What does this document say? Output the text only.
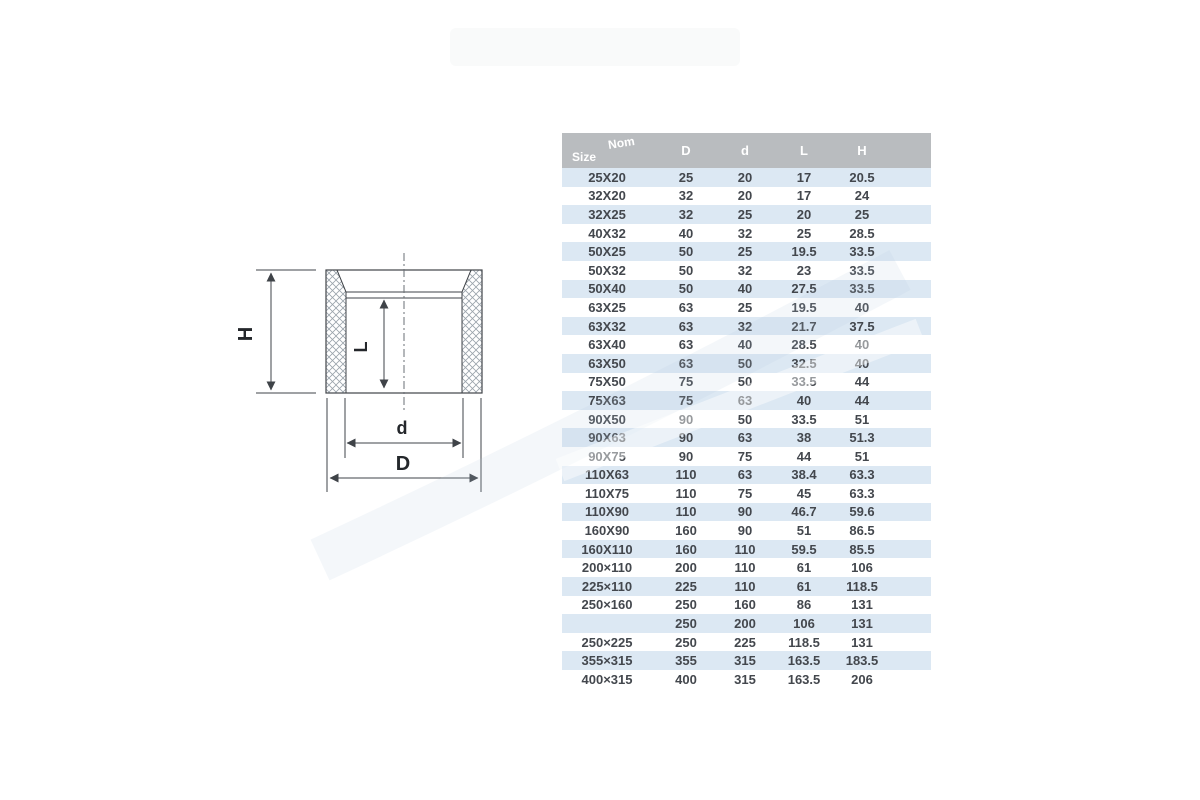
H
L
d
D
Nom
Size	D	d	L	H	
25X20	25	20	17	20.5	
32X20	32	20	17	24	
32X25	32	25	20	25	
40X32	40	32	25	28.5	
50X25	50	25	19.5	33.5	
50X32	50	32	23	33.5	
50X40	50	40	27.5	33.5	
63X25	63	25	19.5	40	
63X32	63	32	21.7	37.5	
63X40	63	40	28.5	40	
63X50	63	50	32.5	40	
75X50	75	50	33.5	44	
75X63	75	63	40	44	
90X50	90	50	33.5	51	
90X63	90	63	38	51.3	
90X75	90	75	44	51	
110X63	110	63	38.4	63.3	
110X75	110	75	45	63.3	
110X90	110	90	46.7	59.6	
160X90	160	90	51	86.5	
160X110	160	110	59.5	85.5	
200×110	200	110	61	106	
225×110	225	110	61	118.5	
250×160	250	160	86	131	
	250	200	106	131	
250×225	250	225	118.5	131	
355×315	355	315	163.5	183.5	
400×315	400	315	163.5	206	
